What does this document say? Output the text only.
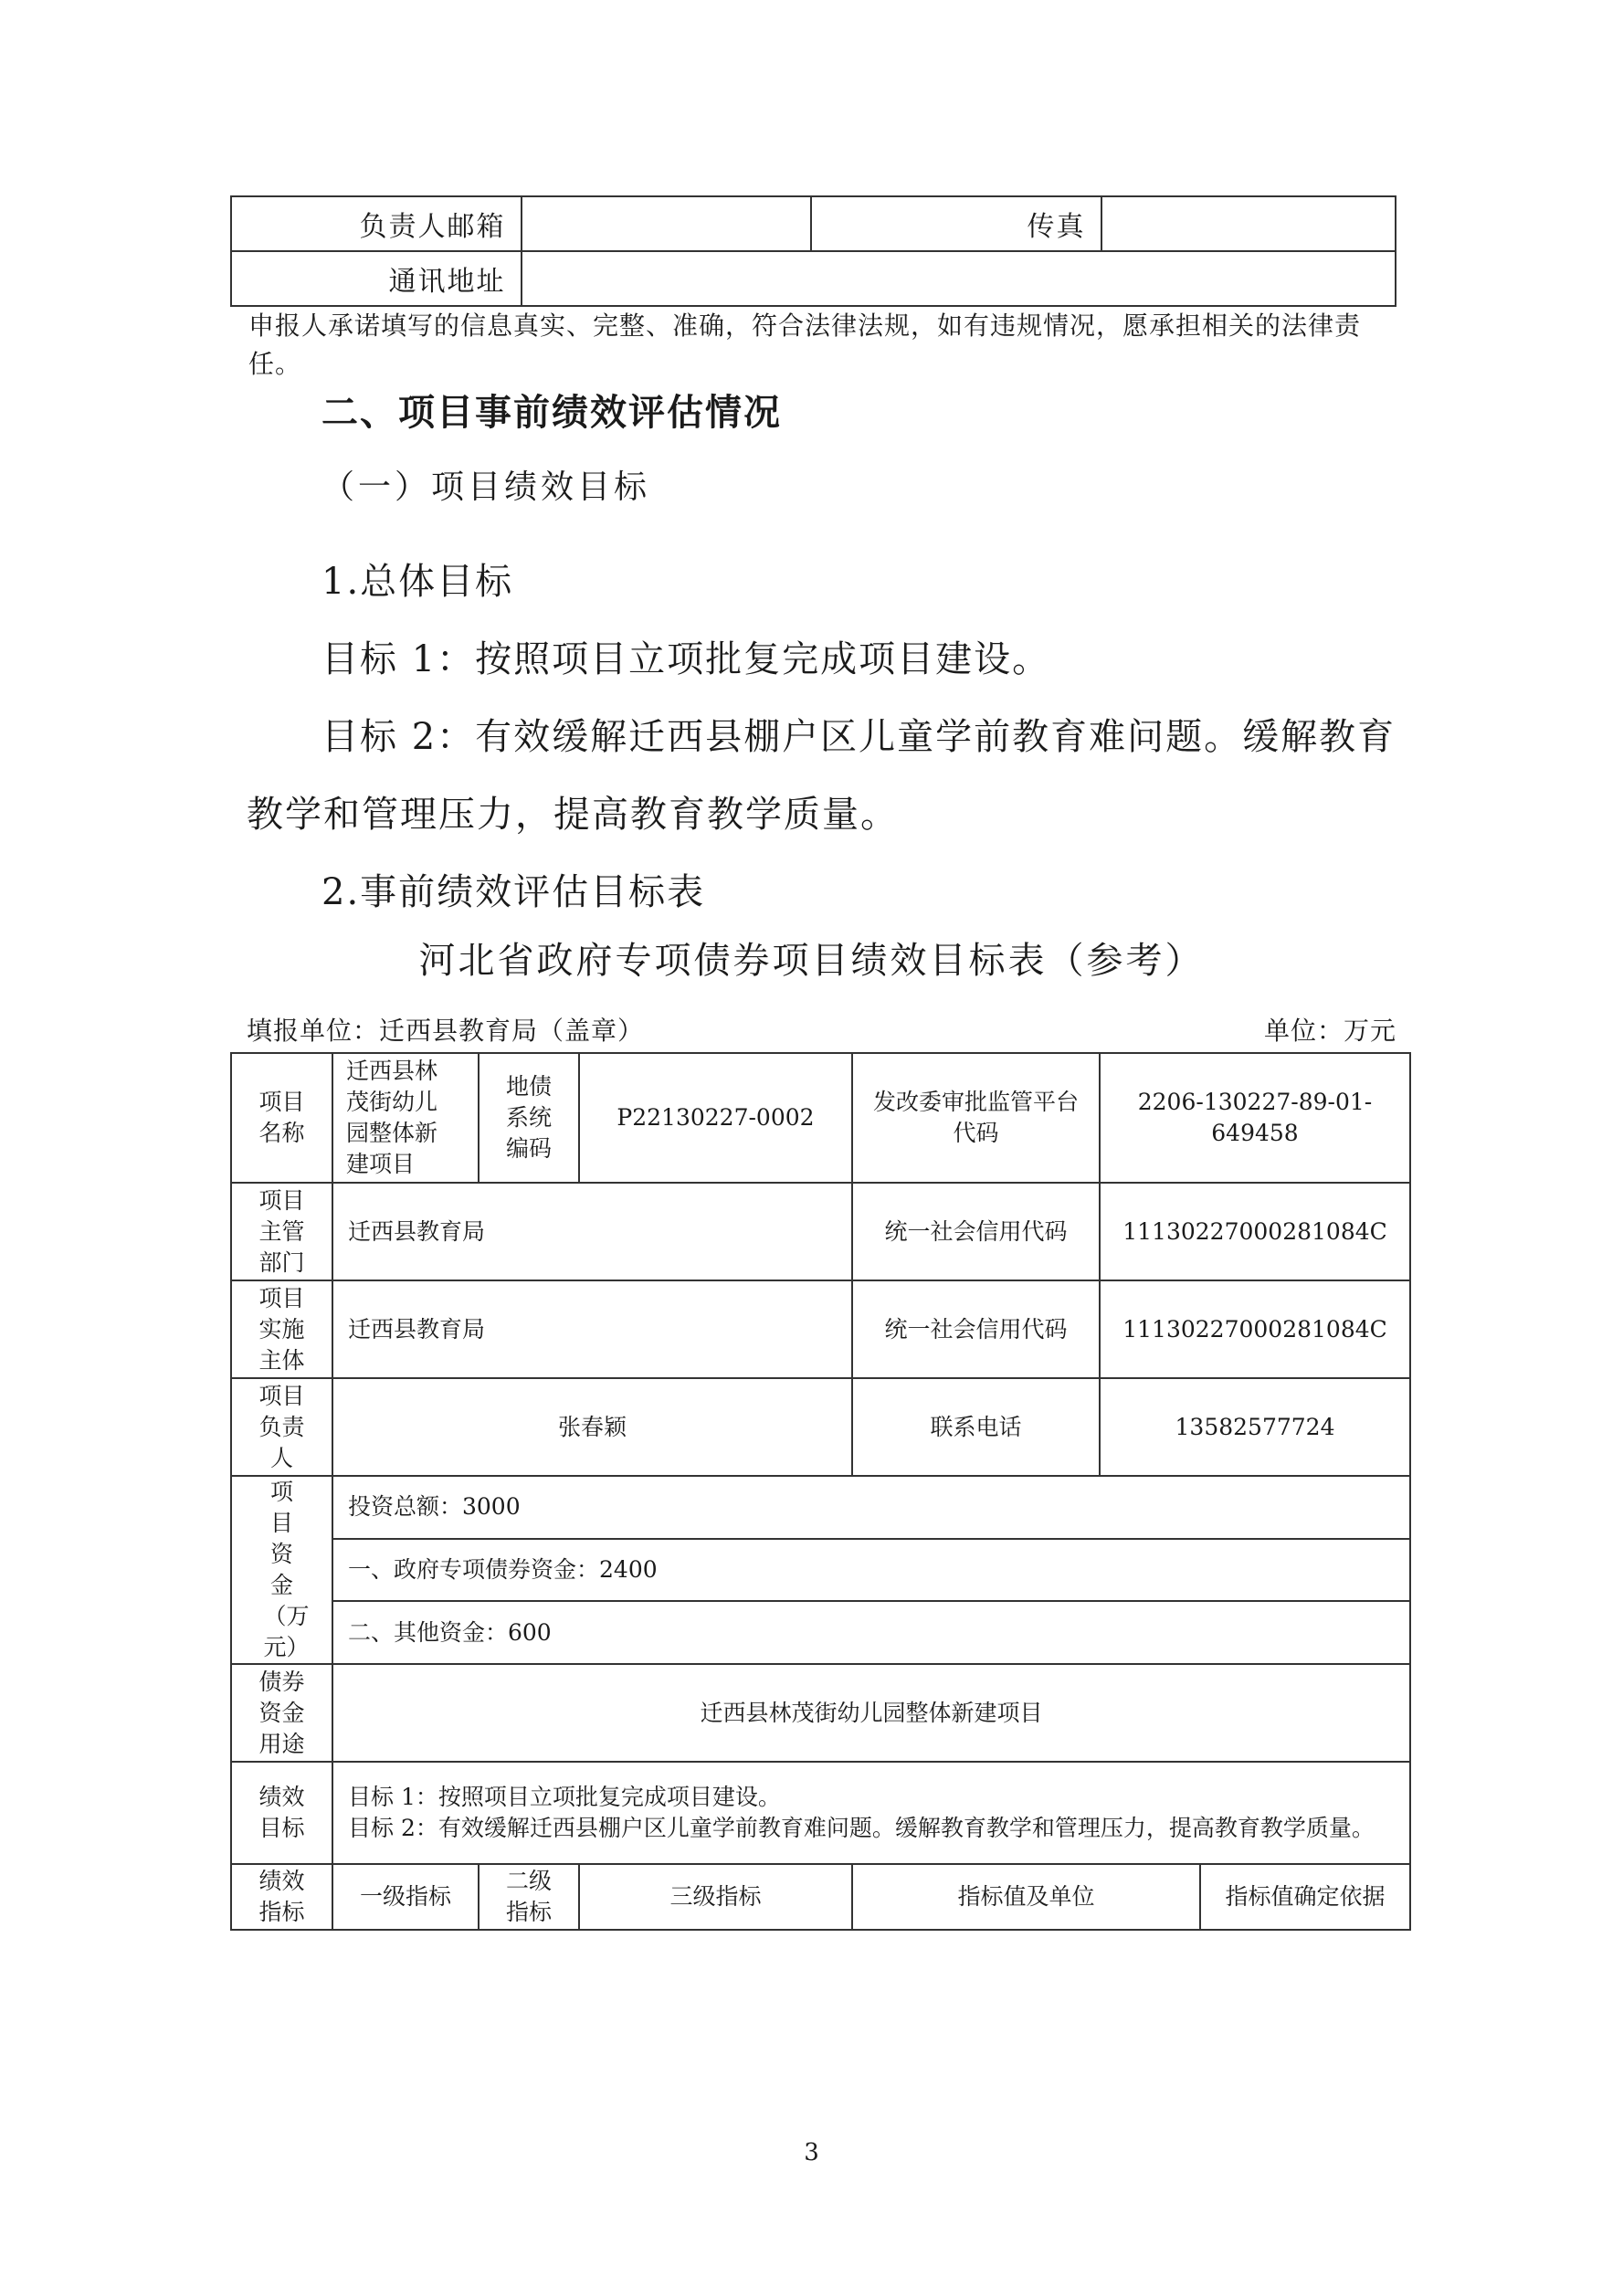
负责人邮箱		传真	
通讯地址			
申报人承诺填写的信息真实、完整、准确，符合法律法规，如有违规情况，愿承担相关的法律责任。
二、项目事前绩效评估情况
（一）项目绩效目标
1.总体目标
目标 1：按照项目立项批复完成项目建设。
目标 2：有效缓解迁西县棚户区儿童学前教育难问题。缓解教育
教学和管理压力，提高教育教学质量。
2.事前绩效评估目标表
河北省政府专项债券项目绩效目标表（参考）
填报单位：迁西县教育局（盖章）	单位：万元
项目名称	迁西县林茂街幼儿园整体新建项目	地债系统编码	P22130227-0002	发改委审批监管平台代码	2206-130227-89-01-649458	

项目主管部门	迁西县教育局			统一社会信用代码	11130227000281084C	

项目实施主体	迁西县教育局			统一社会信用代码	11130227000281084C	

项目负责人	张春颖			联系电话	13582577724	

项目资金（万元）	投资总额：3000					
	一、政府专项债券资金：2400					
	二、其他资金：600					

债券资金用途	迁西县林茂街幼儿园整体新建项目					

绩效目标	目标 1：按照项目立项批复完成项目建设。
目标 2：有效缓解迁西县棚户区儿童学前教育难问题。缓解教育教学和管理压力，提高教育教学质量。					

绩效指标	一级指标	二级指标	三级指标	指标值及单位		指标值确定依据
3
